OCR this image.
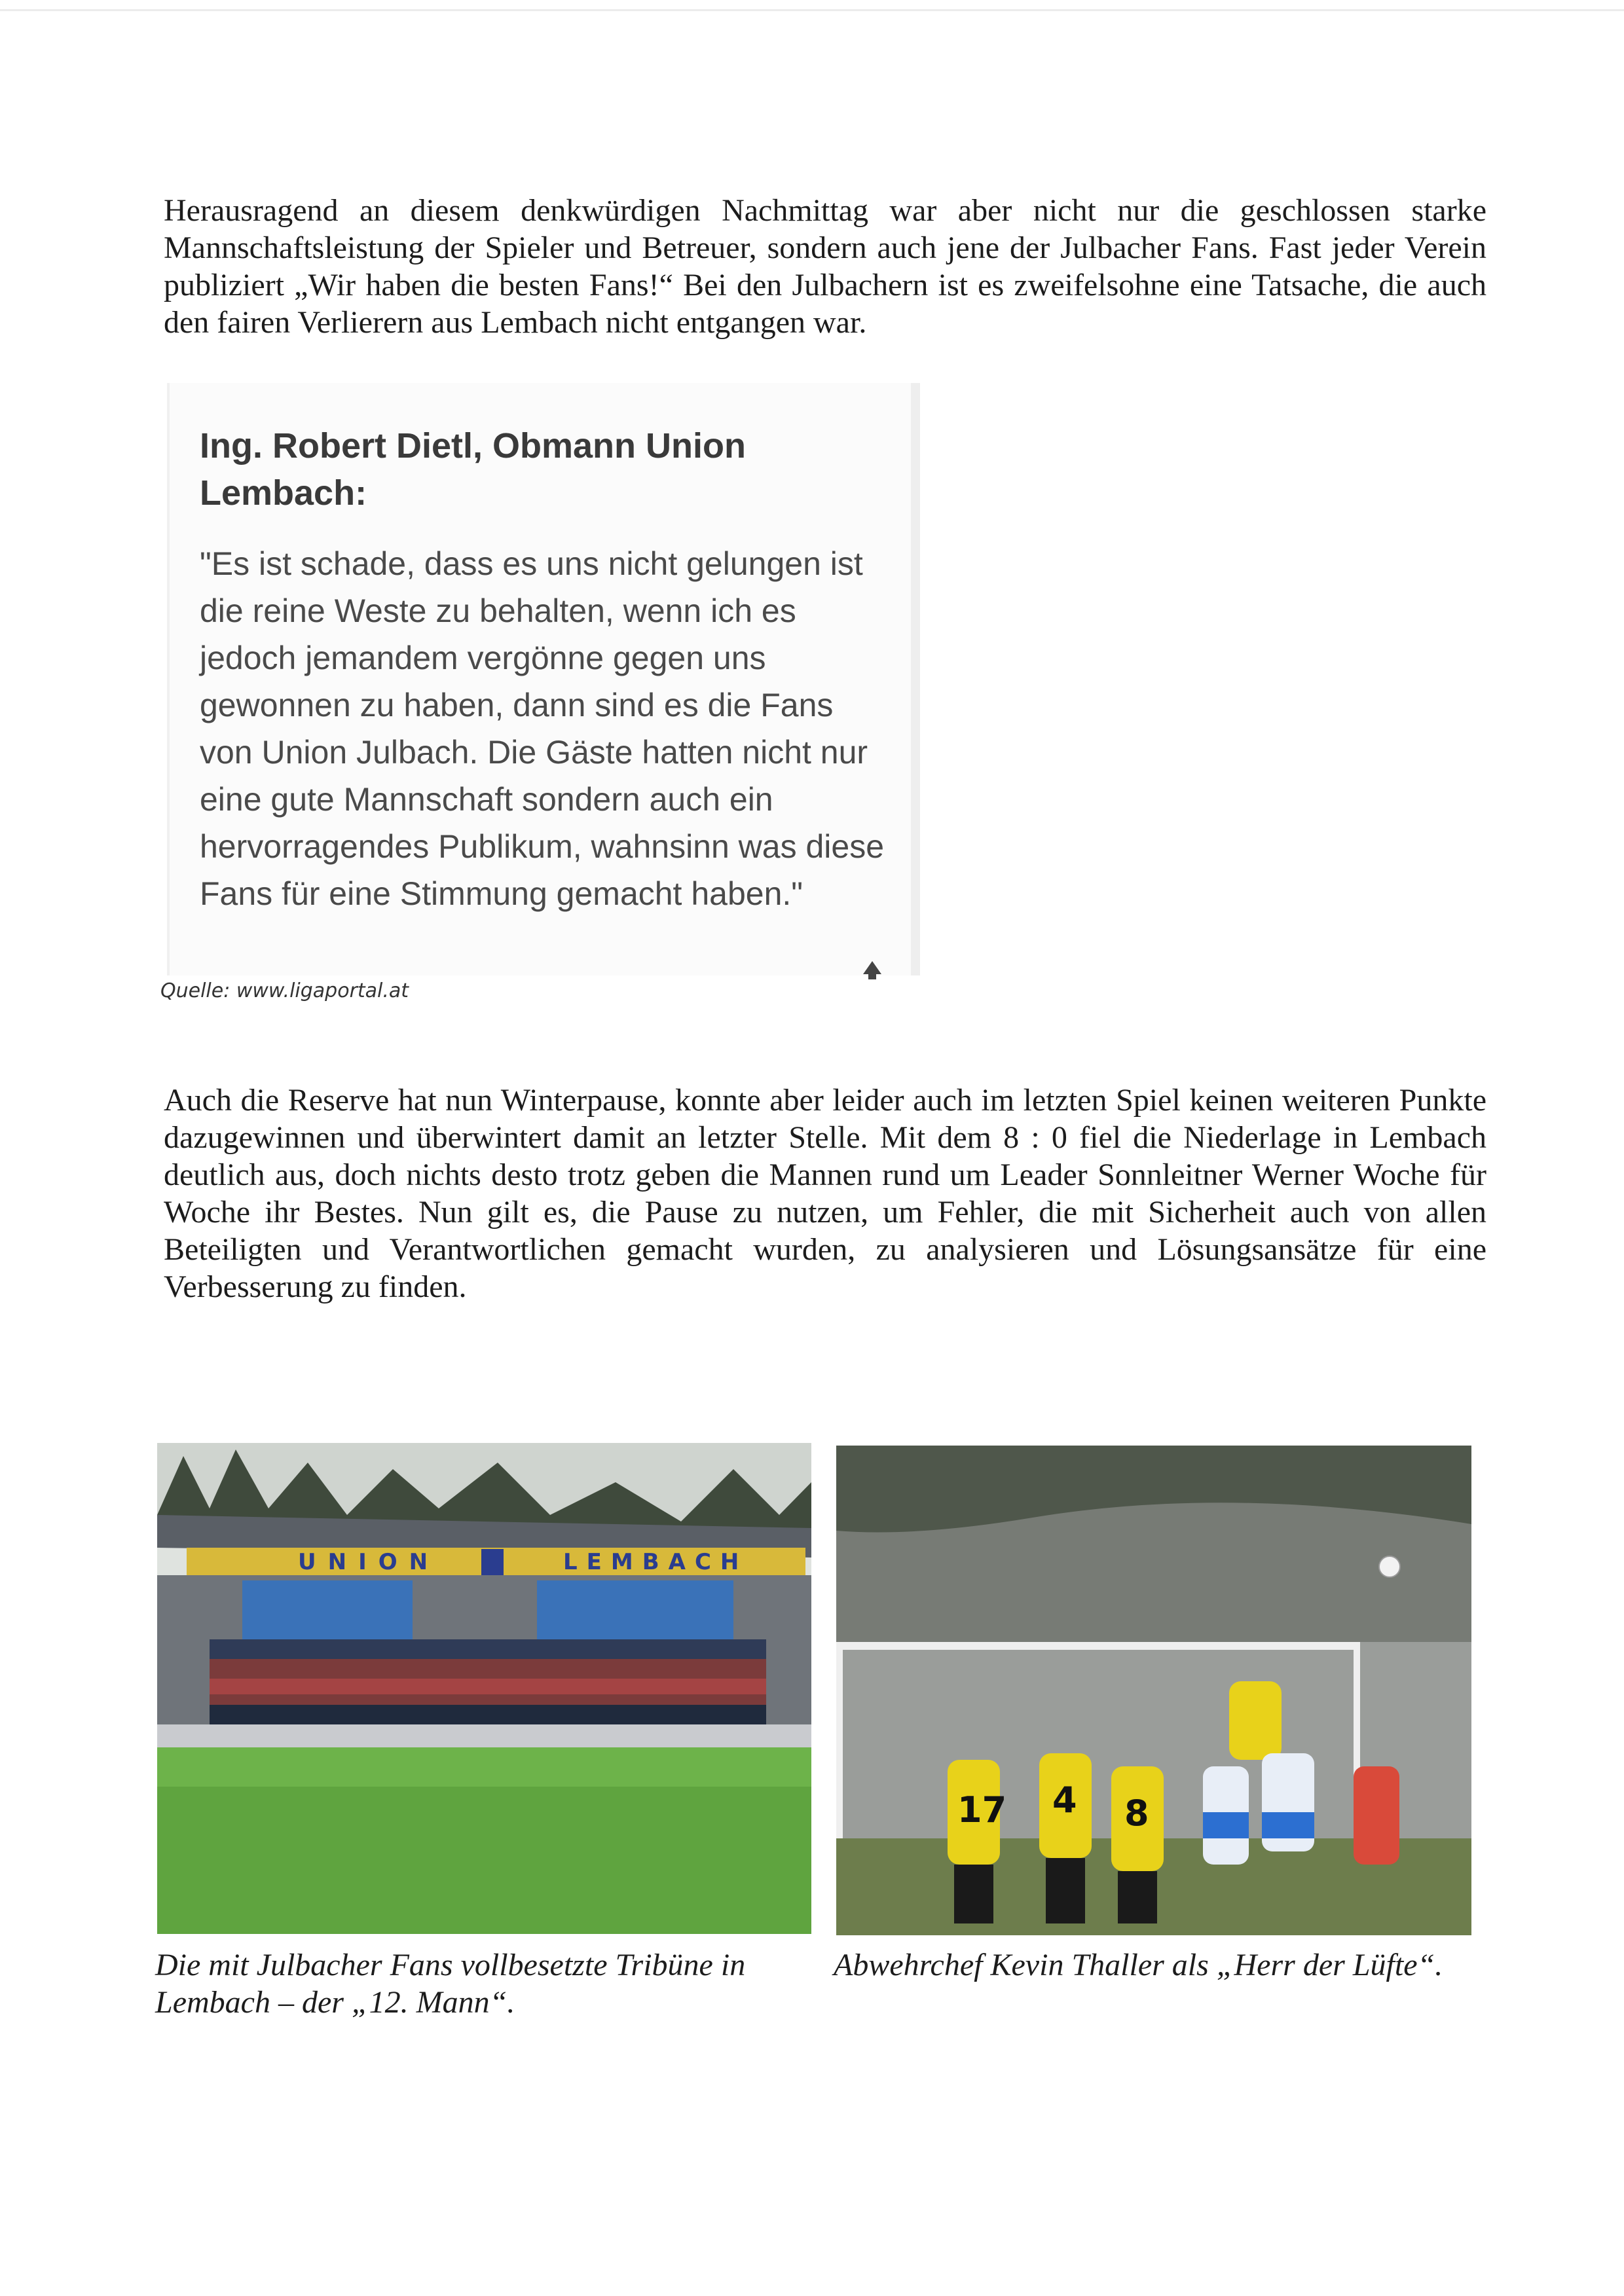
Herausragend an diesem denkwürdigen Nachmittag war aber nicht nur die geschlossen starke Mannschaftsleistung der Spieler und Betreuer, sondern auch jene der Julbacher Fans. Fast jeder Verein publiziert „Wir haben die besten Fans!“ Bei den Julbachern ist es zweifelsohne eine Tatsache, die auch den fairen Verlierern aus Lembach nicht entgangen war.

Ing. Robert Dietl, Obmann Union Lembach:

"Es ist schade, dass es uns nicht gelungen ist die reine Weste zu behalten, wenn ich es jedoch jemandem vergönne gegen uns gewonnen zu haben, dann sind es die Fans von Union Julbach. Die Gäste hatten nicht nur eine gute Mannschaft sondern auch ein hervorragendes Publikum, wahnsinn was diese Fans für eine Stimmung gemacht haben."

Quelle: www.ligaportal.at

Auch die Reserve hat nun Winterpause, konnte aber leider auch im letzten Spiel keinen weiteren Punkte dazugewinnen und überwintert damit an letzter Stelle. Mit dem 8 : 0 fiel die Niederlage in Lembach deutlich aus, doch nichts desto trotz geben die Mannen rund um Leader Sonnleitner Werner Woche für Woche ihr Bestes. Nun gilt es, die Pause zu nutzen, um Fehler, die mit Sicherheit auch von allen Beteiligten und Verantwortlichen gemacht wurden, zu analysieren und Lösungsansätze für eine Verbesserung zu finden.

UNION	LEMBACH
17 4 8

Die mit Julbacher Fans vollbesetzte Tribüne in Lembach – der „12. Mann“.

Abwehrchef Kevin Thaller als „Herr der Lüfte“.
